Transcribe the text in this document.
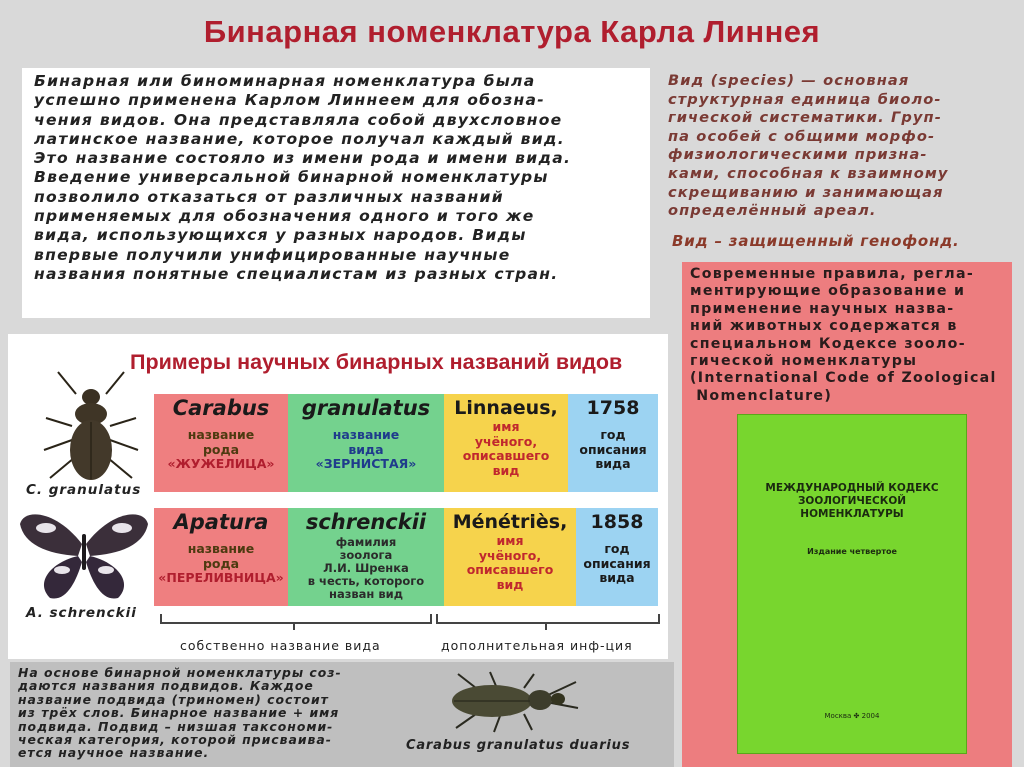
Бинарная номенклатура Карла Линнея
Бинарная или биноминарная номенклатура была
успешно применена Карлом Линнеем для обозна-
чения видов. Она представляла собой двухсловное
латинское название, которое получал каждый вид.
Это название состояло из имени рода и имени вида.
Введение универсальной бинарной номенклатуры
позволило отказаться от различных названий
применяемых для обозначения одного и того же
вида, использующихся у разных народов. Виды
впервые получили унифицированные научные
названия понятные специалистам из разных стран.
Вид (species) — основная
структурная единица биоло-
гической систематики. Груп-
па особей с общими морфо-
физиологическими призна-
ками, способная к взаимному
скрещиванию и занимающая
определённый ареал.
Вид – защищенный генофонд.
Современные правила, регла-
ментирующие образование и
применение научных назва-
ний животных содержатся в
специальном Кодексе зооло-
гической номенклатуры
(International Code of Zoological
Nomenclature)
МЕЖДУНАРОДНЫЙ КОДЕКС
ЗООЛОГИЧЕСКОЙ
НОМЕНКЛАТУРЫ
Издание четвертое
Москва ✤ 2004
Примеры научных бинарных названий видов
C. granulatus
A. schrenckii
Carabus
название
рода
«ЖУЖЕЛИЦА»
granulatus
название
вида
«ЗЕРНИСТАЯ»
Linnaeus,
имя
учёного,
описавшего
вид
1758
год
описания
вида
Apatura
название
рода
«ПЕРЕЛИВНИЦА»
schrenckii
фамилия
зоолога
Л.И. Шренка
в честь, которого
назван вид
Ménétriès,
имя
учёного,
описавшего
вид
1858
год
описания
вида
собственно название вида	дополнительная инф-ция
На основе бинарной номенклатуры соз-
даются названия подвидов. Каждое
название подвида (триномен) состоит
из трёх слов. Бинарное название + имя
подвида. Подвид – низшая таксономи-
ческая категория, которой присваива-
ется научное название.	Carabus granulatus duarius
